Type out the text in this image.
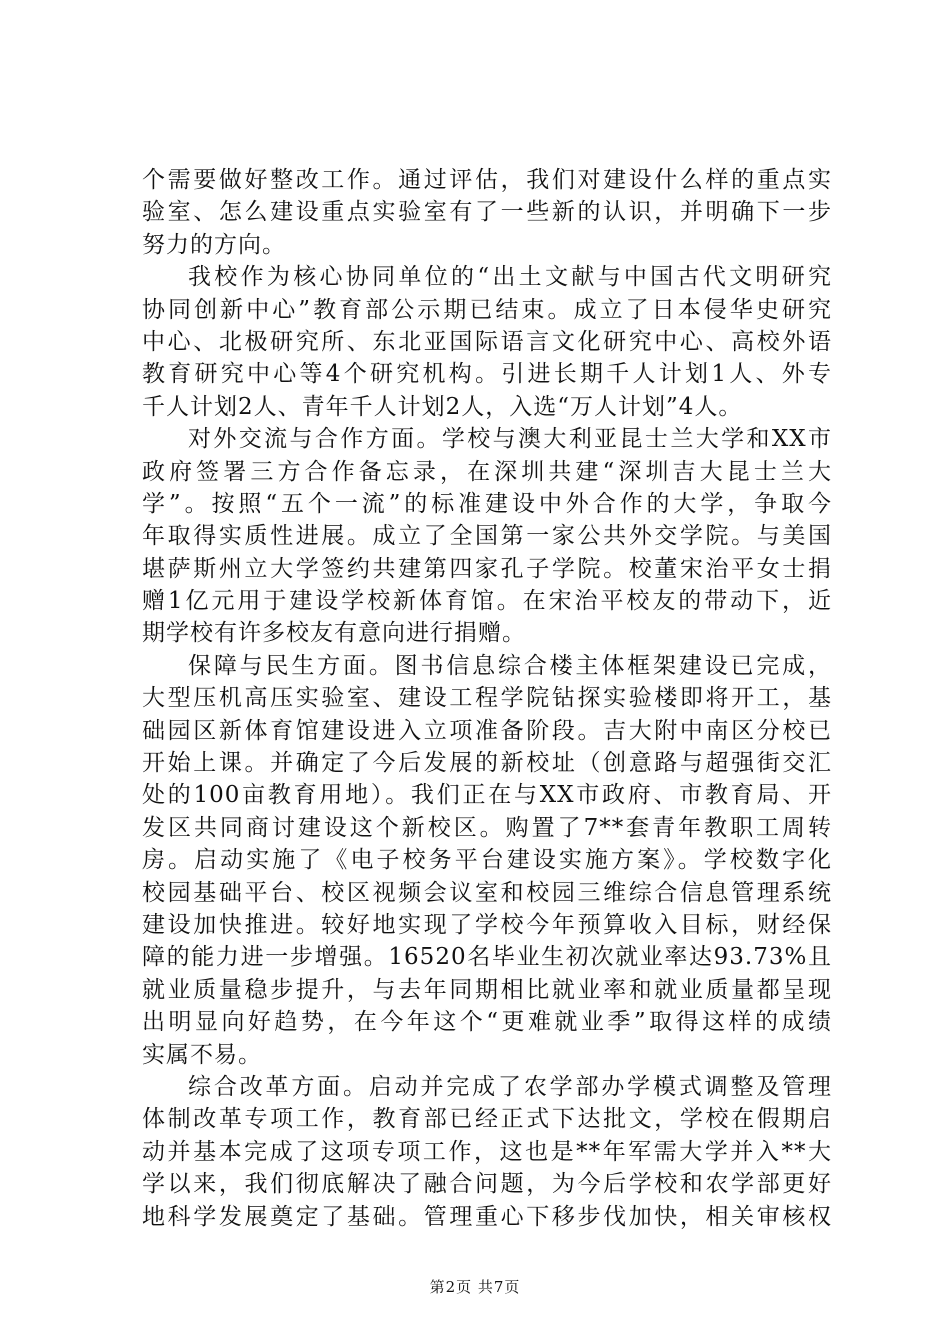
个需要做好整改工作。通过评估，我们对建设什么样的重点实
验室、怎么建设重点实验室有了一些新的认识，并明确下一步
努力的方向。
我校作为核心协同单位的“出土文献与中国古代文明研究
协同创新中心”教育部公示期已结束。成立了日本侵华史研究
中心、北极研究所、东北亚国际语言文化研究中心、高校外语
教育研究中心等4个研究机构。引进长期千人计划1人、外专
千人计划2人、青年千人计划2人，入选“万人计划”4人。
对外交流与合作方面。学校与澳大利亚昆士兰大学和XX市
政府签署三方合作备忘录，在深圳共建“深圳吉大昆士兰大
学”。按照“五个一流”的标准建设中外合作的大学，争取今
年取得实质性进展。成立了全国第一家公共外交学院。与美国
堪萨斯州立大学签约共建第四家孔子学院。校董宋治平女士捐
赠1亿元用于建设学校新体育馆。在宋治平校友的带动下，近
期学校有许多校友有意向进行捐赠。
保障与民生方面。图书信息综合楼主体框架建设已完成，
大型压机高压实验室、建设工程学院钻探实验楼即将开工，基
础园区新体育馆建设进入立项准备阶段。吉大附中南区分校已
开始上课。并确定了今后发展的新校址（创意路与超强街交汇
处的100亩教育用地）。我们正在与XX市政府、市教育局、开
发区共同商讨建设这个新校区。购置了7**套青年教职工周转
房。启动实施了《电子校务平台建设实施方案》。学校数字化
校园基础平台、校区视频会议室和校园三维综合信息管理系统
建设加快推进。较好地实现了学校今年预算收入目标，财经保
障的能力进一步增强。16520名毕业生初次就业率达93.73%且
就业质量稳步提升，与去年同期相比就业率和就业质量都呈现
出明显向好趋势，在今年这个“更难就业季”取得这样的成绩
实属不易。
综合改革方面。启动并完成了农学部办学模式调整及管理
体制改革专项工作，教育部已经正式下达批文，学校在假期启
动并基本完成了这项专项工作，这也是**年军需大学并入**大
学以来，我们彻底解决了融合问题，为今后学校和农学部更好
地科学发展奠定了基础。管理重心下移步伐加快，相关审核权
第2页 共7页
